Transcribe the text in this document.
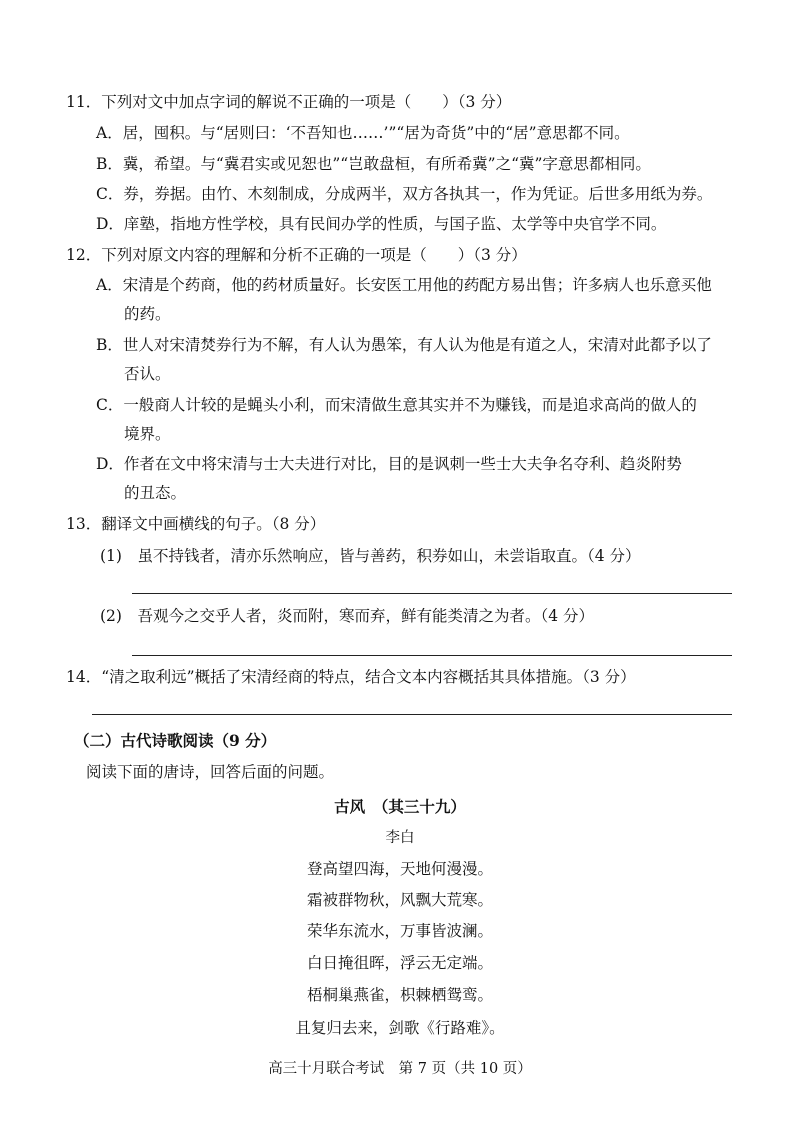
11．下列对文中加点字词的解说不正确的一项是（　　）（3 分）
A．居，囤积。与“居则曰：‘不吾知也……’”“居为奇货”中的“居”意思都不同。
B．冀，希望。与“冀君实或见恕也”“岂敢盘桓，有所希冀”之“冀”字意思都相同。
C．券，券据。由竹、木刻制成，分成两半，双方各执其一，作为凭证。后世多用纸为券。
D．庠塾，指地方性学校，具有民间办学的性质，与国子监、太学等中央官学不同。
12．下列对原文内容的理解和分析不正确的一项是（　　）（3 分）
A．宋清是个药商，他的药材质量好。长安医工用他的药配方易出售；许多病人也乐意买他
的药。
B．世人对宋清焚券行为不解，有人认为愚笨，有人认为他是有道之人，宋清对此都予以了
否认。
C．一般商人计较的是蝇头小利，而宋清做生意其实并不为赚钱，而是追求高尚的做人的
境界。
D．作者在文中将宋清与士大夫进行对比，目的是讽刺一些士大夫争名夺利、趋炎附势
的丑态。
13．翻译文中画横线的句子。（8 分）
(1)　虽不持钱者，清亦乐然响应，皆与善药，积券如山，未尝诣取直。（4 分）
(2)　吾观今之交乎人者，炎而附，寒而弃，鲜有能类清之为者。（4 分）
14．“清之取利远”概括了宋清经商的特点，结合文本内容概括其具体措施。（3 分）
（二）古代诗歌阅读（9 分）
阅读下面的唐诗，回答后面的问题。
古风　（其三十九）
李白
登高望四海，天地何漫漫。
霜被群物秋，风飘大荒寒。
荣华东流水，万事皆波澜。
白日掩徂晖，浮云无定端。
梧桐巢燕雀，枳棘栖鸳鸾。
且复归去来，剑歌《行路难》。
高三十月联合考试　第 7 页（共 10 页）
